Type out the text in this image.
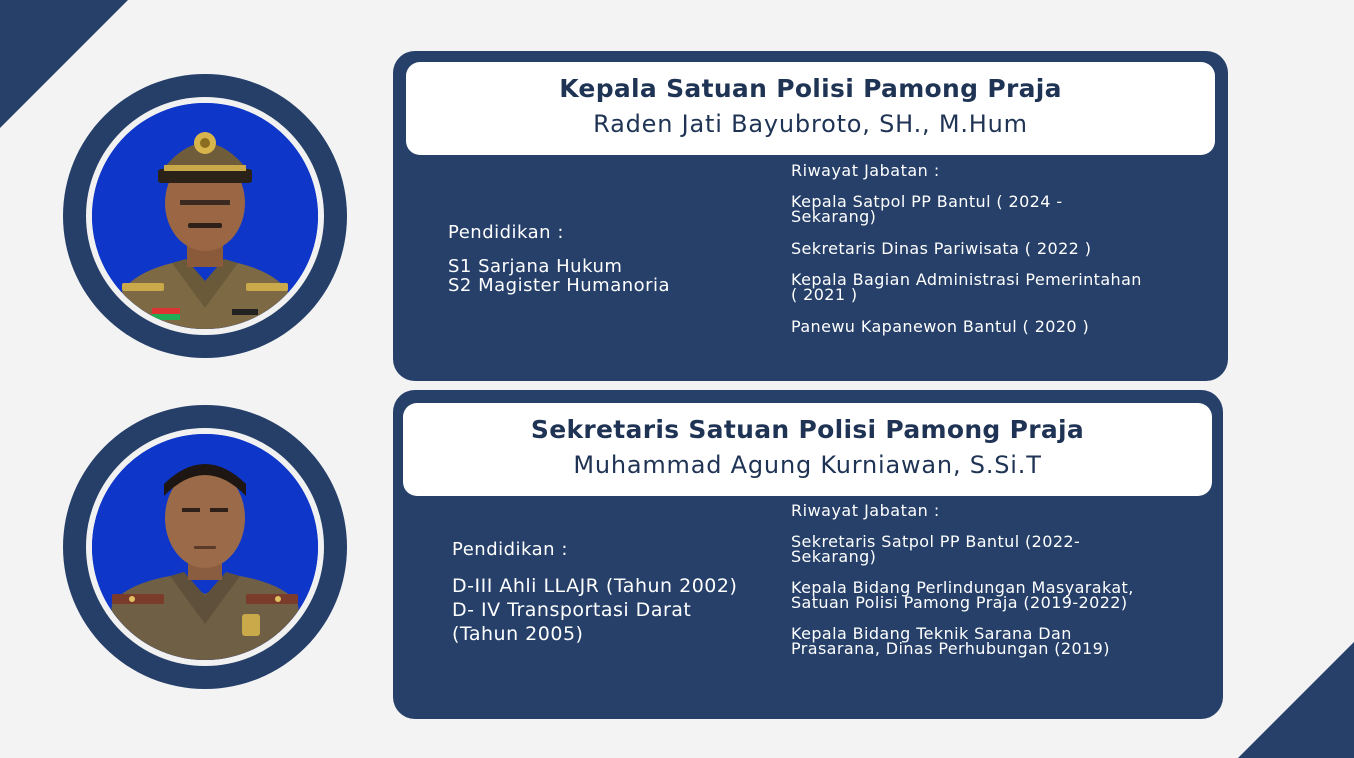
Kepala Satuan Polisi Pamong Praja
Raden Jati Bayubroto, SH., M.Hum
Pendidikan :
S1 Sarjana Hukum
S2 Magister Humanoria
Riwayat Jabatan :
Kepala Satpol PP Bantul ( 2024 -
Sekarang)
Sekretaris Dinas Pariwisata ( 2022 )
Kepala Bagian Administrasi Pemerintahan
( 2021 )
Panewu Kapanewon Bantul ( 2020 )
Sekretaris Satuan Polisi Pamong Praja
Muhammad Agung Kurniawan, S.Si.T
Pendidikan :
D-III Ahli LLAJR (Tahun 2002)
D- IV Transportasi Darat
(Tahun 2005)
Riwayat Jabatan :
Sekretaris Satpol PP Bantul (2022-
Sekarang)
Kepala Bidang Perlindungan Masyarakat,
Satuan Polisi Pamong Praja (2019-2022)
Kepala Bidang Teknik Sarana Dan
Prasarana, Dinas Perhubungan (2019)
